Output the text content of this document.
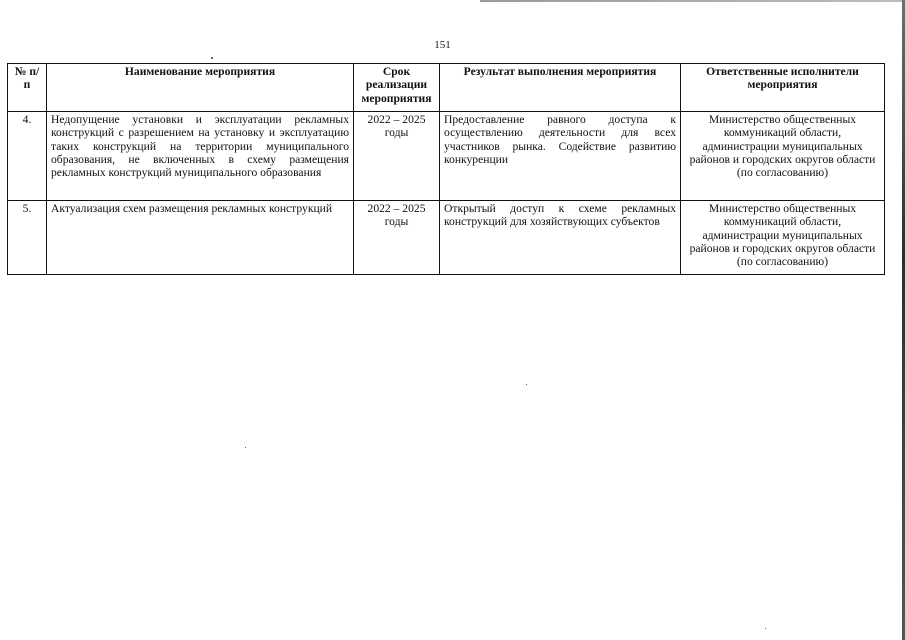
151
№ п/п	Наименование мероприятия	Срок реализации мероприятия	Результат выполнения мероприятия	Ответственные исполнители мероприятия
4.	Недопущение установки и эксплуатации рекламных конструкций с разрешением на установку и эксплуатацию таких конструкций на территории муниципального образования, не включенных в схему размещения рекламных конструкций муниципального образования	2022 – 2025 годы	Предоставление равного доступа к осуществлению деятельности для всех участников рынка. Содействие развитию конкуренции	Министерство общественных коммуникаций области, администрации муниципальных районов и городских округов области (по согласованию)
5.	Актуализация схем размещения рекламных конструкций	2022 – 2025 годы	Открытый доступ к схеме рекламных конструкций для хозяйствующих субъектов	Министерство общественных коммуникаций области, администрации муниципальных районов и городских округов области (по согласованию)
